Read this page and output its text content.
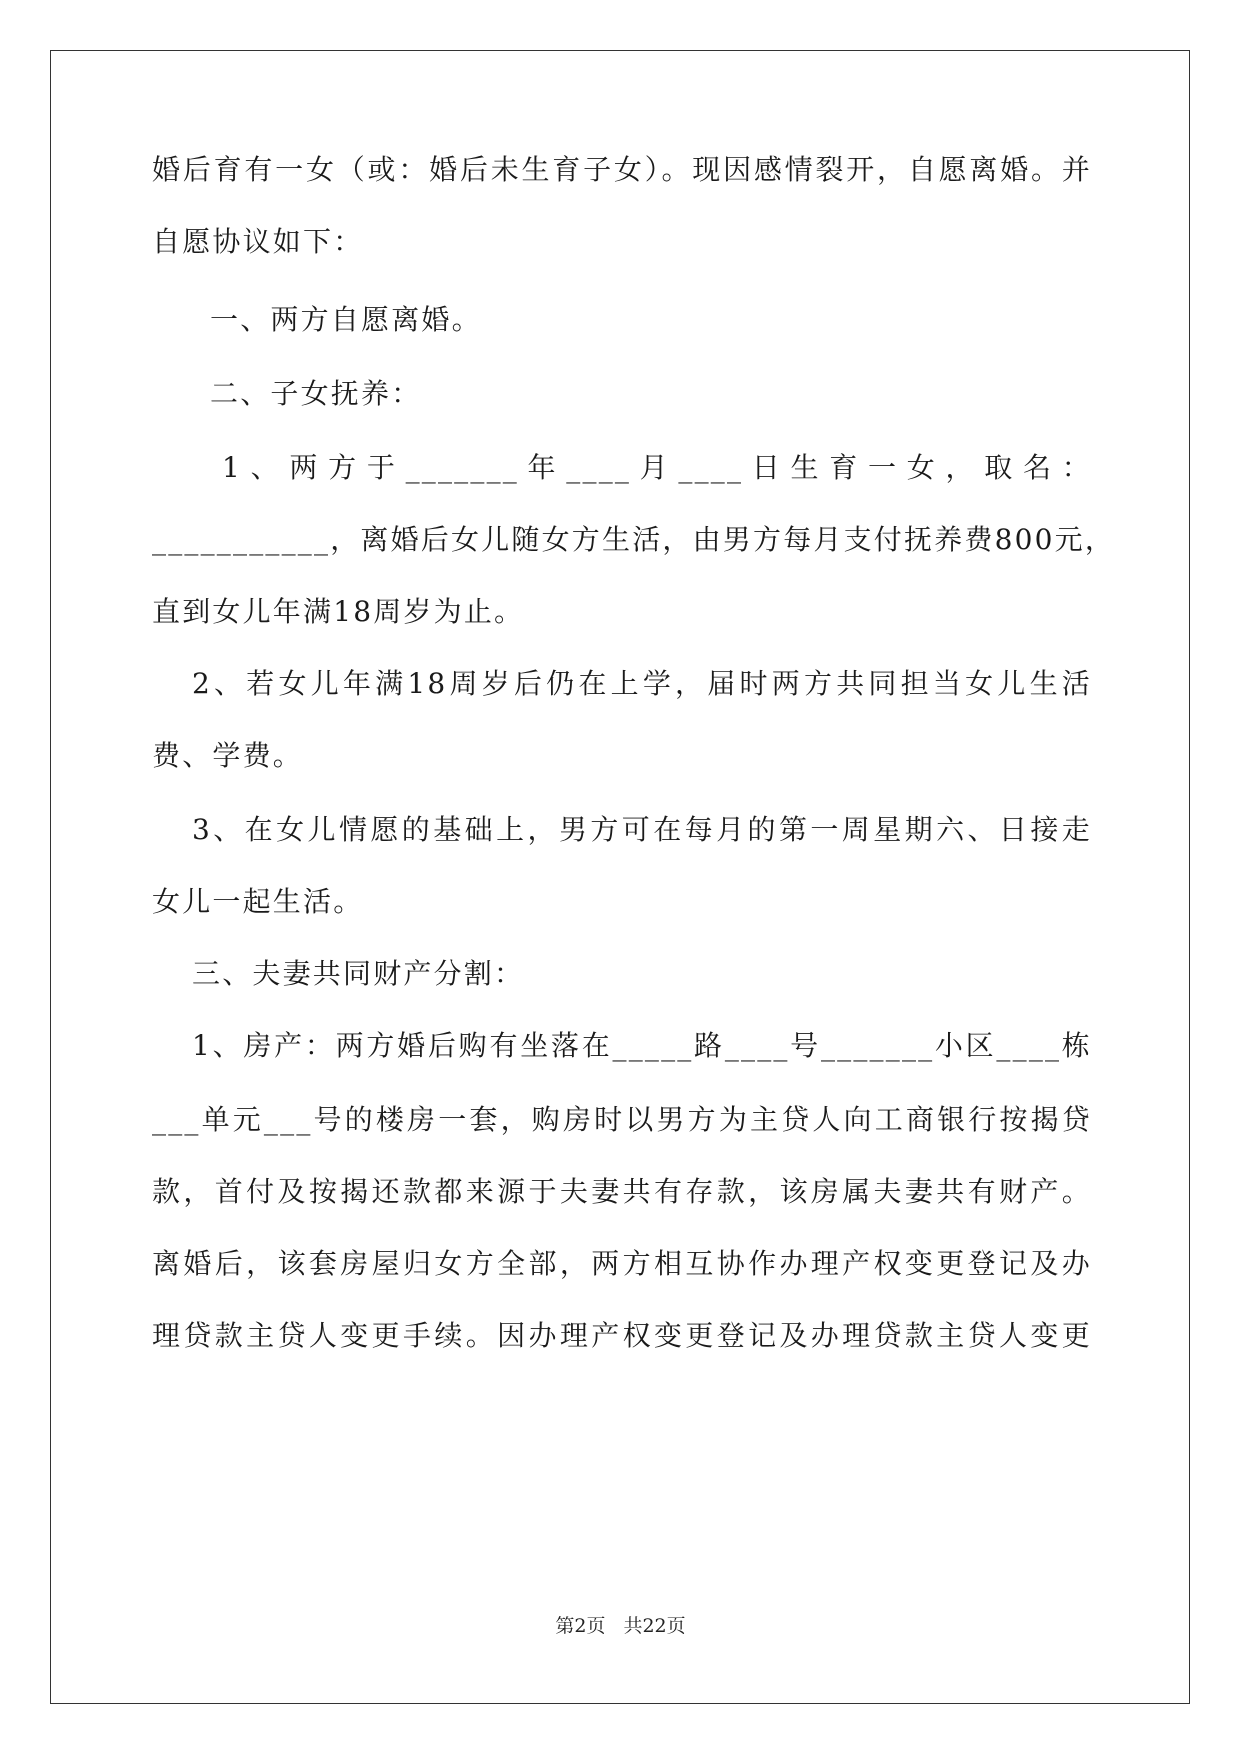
婚后育有一女（或：婚后未生育子女）。现因感情裂开，自愿离婚。并
自愿协议如下：
一、两方自愿离婚。
二、子女抚养：
1、两方于_______年____月____日生育一女，取名：
___________，离婚后女儿随女方生活，由男方每月支付抚养费800元，
直到女儿年满18周岁为止。
2、若女儿年满18周岁后仍在上学，届时两方共同担当女儿生活
费、学费。
3、在女儿情愿的基础上，男方可在每月的第一周星期六、日接走
女儿一起生活。
三、夫妻共同财产分割：
1、房产：两方婚后购有坐落在_____路____号_______小区____栋
___单元___号的楼房一套，购房时以男方为主贷人向工商银行按揭贷
款，首付及按揭还款都来源于夫妻共有存款，该房属夫妻共有财产。
离婚后，该套房屋归女方全部，两方相互协作办理产权变更登记及办
理贷款主贷人变更手续。因办理产权变更登记及办理贷款主贷人变更
第2页 共22页
